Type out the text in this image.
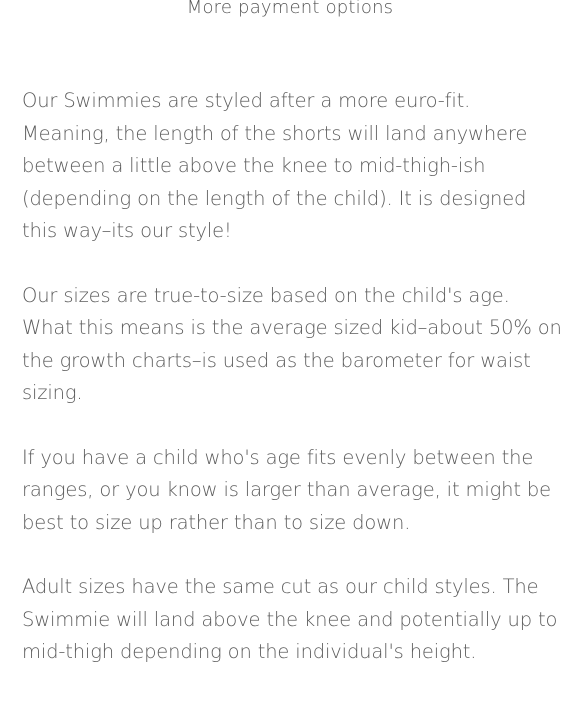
More payment options

Our Swimmies are styled after a more euro-fit. Meaning, the length of the shorts will land anywhere between a little above the knee to mid-thigh-ish (depending on the length of the child). It is designed this way–its our style!

Our sizes are true-to-size based on the child's age. What this means is the average sized kid–about 50% on the growth charts–is used as the barometer for waist sizing.

If you have a child who's age fits evenly between the ranges, or you know is larger than average, it might be best to size up rather than to size down.

Adult sizes have the same cut as our child styles. The Swimmie will land above the knee and potentially up to mid-thigh depending on the individual's height.
